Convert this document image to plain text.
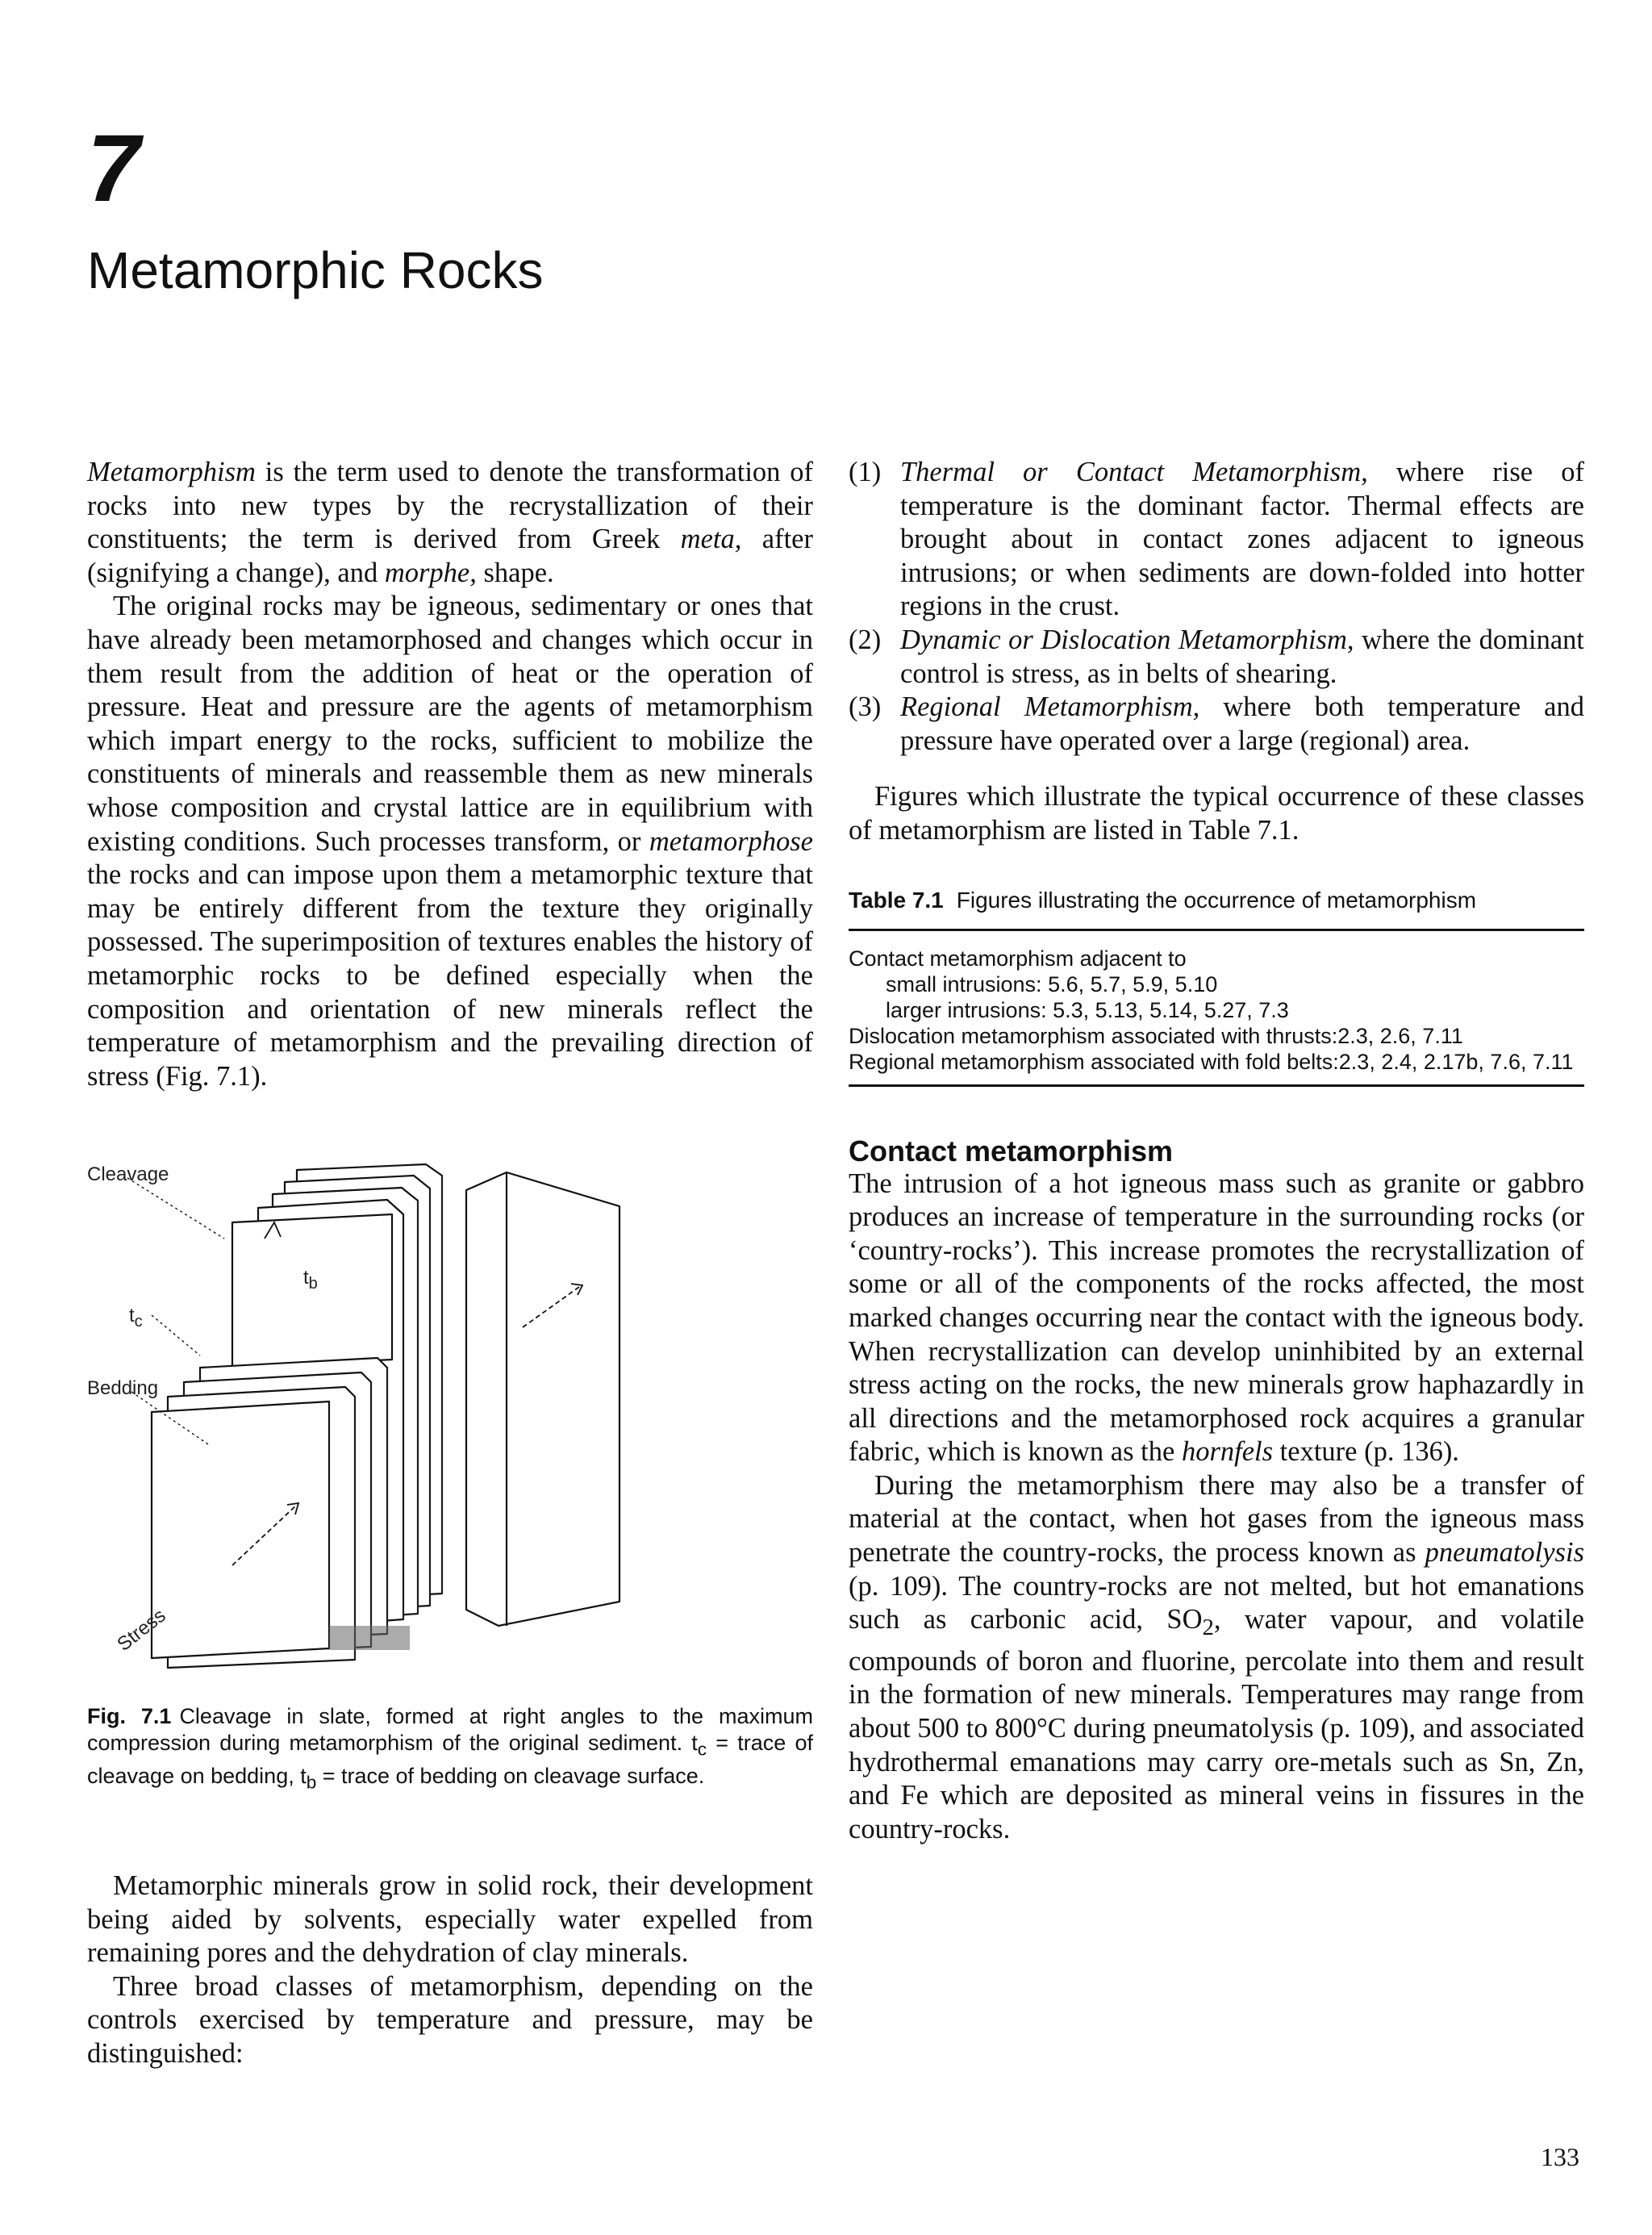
7
Metamorphic Rocks

Metamorphism is the term used to denote the transformation of rocks into new types by the recrystallization of their constituents; the term is derived from Greek meta, after (signifying a change), and morphe, shape.

The original rocks may be igneous, sedimentary or ones that have already been metamorphosed and changes which occur in them result from the addition of heat or the operation of pressure. Heat and pressure are the agents of metamorphism which impart energy to the rocks, sufficient to mobilize the constituents of minerals and reassemble them as new minerals whose composition and crystal lattice are in equilibrium with existing conditions. Such processes transform, or metamorphose the rocks and can impose upon them a metamorphic texture that may be entirely different from the texture they originally possessed. The superimposition of textures enables the history of metamorphic rocks to be defined especially when the composition and orientation of new minerals reflect the temperature of metamorphism and the prevailing direction of stress (Fig. 7.1).

Cleavage
$t_c$
$t_b$
Bedding
Stress
Fig. 7.1 Cleavage in slate, formed at right angles to the maximum compression during metamorphism of the original sediment. $t_c$ = trace of cleavage on bedding, $t_b$ = trace of bedding on cleavage surface.

Metamorphic minerals grow in solid rock, their development being aided by solvents, especially water expelled from remaining pores and the dehydration of clay minerals.

Three broad classes of metamorphism, depending on the controls exercised by temperature and pressure, may be distinguished:

(1) Thermal or Contact Metamorphism, where rise of temperature is the dominant factor. Thermal effects are brought about in contact zones adjacent to igneous intrusions; or when sediments are down-folded into hotter regions in the crust.
(2) Dynamic or Dislocation Metamorphism, where the dominant control is stress, as in belts of shearing.
(3) Regional Metamorphism, where both temperature and pressure have operated over a large (regional) area.

Figures which illustrate the typical occurrence of these classes of metamorphism are listed in Table 7.1.

Table 7.1 Figures illustrating the occurrence of metamorphism
Contact metamorphism adjacent to
small intrusions: 5.6, 5.7, 5.9, 5.10
larger intrusions: 5.3, 5.13, 5.14, 5.27, 7.3
Dislocation metamorphism associated with thrusts:2.3, 2.6, 7.11
Regional metamorphism associated with fold belts:2.3, 2.4, 2.17b, 7.6, 7.11
Contact metamorphism

The intrusion of a hot igneous mass such as granite or gabbro produces an increase of temperature in the surrounding rocks (or ‘country-rocks’). This increase promotes the recrystallization of some or all of the components of the rocks affected, the most marked changes occurring near the contact with the igneous body. When recrystallization can develop uninhibited by an external stress acting on the rocks, the new minerals grow haphazardly in all directions and the metamorphosed rock acquires a granular fabric, which is known as the hornfels texture (p. 136).

During the metamorphism there may also be a transfer of material at the contact, when hot gases from the igneous mass penetrate the country-rocks, the process known as pneumatolysis (p. 109). The country-rocks are not melted, but hot emanations such as carbonic acid, $SO_2$, water vapour, and volatile compounds of boron and fluorine, percolate into them and result in the formation of new minerals. Temperatures may range from about 500 to 800°C during pneumatolysis (p. 109), and associated hydrothermal emanations may carry ore-metals such as Sn, Zn, and Fe which are deposited as mineral veins in fissures in the country-rocks.

133
